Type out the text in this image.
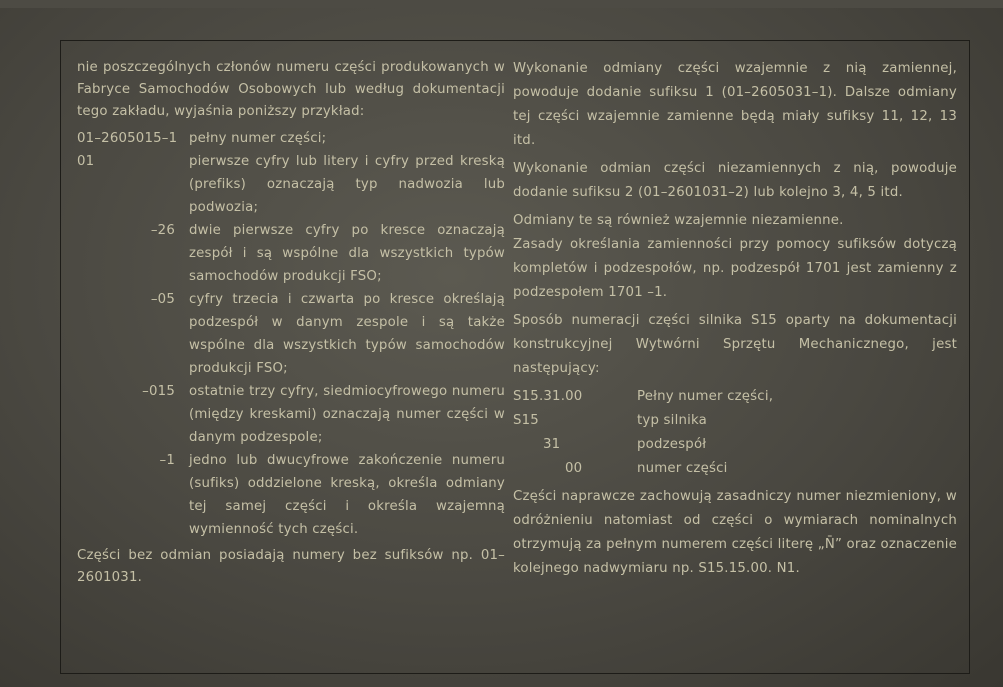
nie poszczególnych członów numeru części produkowanych w Fabryce Samochodów Osobowych lub według dokumentacji tego zakładu, wyjaśnia poniższy przykład:

01–2605015–1 pełny numer części;
01	pierwsze cyfry lub litery i cyfry przed kreską (prefiks) oznaczają typ nadwozia lub podwozia;
–26	dwie pierwsze cyfry po kresce oznaczają zespół i są wspólne dla wszystkich typów samochodów produkcji FSO;
–05	cyfry trzecia i czwarta po kresce określają podzespół w danym zespole i są także wspólne dla wszystkich typów samochodów produkcji FSO;
–015	ostatnie trzy cyfry, siedmiocyfrowego numeru (między kreskami) oznaczają numer części w danym podzespole;
–1	jedno lub dwucyfrowe zakończenie numeru (sufiks) oddzielone kreską, określa odmiany tej samej części i określa wzajemną wymienność tych części.

Części bez odmian posiadają numery bez sufiksów np. 01–2601031.

Wykonanie odmiany części wzajemnie z nią zamiennej, powoduje dodanie sufiksu 1 (01–2605031–1). Dalsze odmiany tej części wzajemnie zamienne będą miały sufiksy 11, 12, 13 itd.

Wykonanie odmian części niezamiennych z nią, powoduje dodanie sufiksu 2 (01–2601031–2) lub kolejno 3, 4, 5 itd.

Odmiany te są również wzajemnie niezamienne.

Zasady określania zamienności przy pomocy sufiksów dotyczą kompletów i podzespołów, np. podzespół 1701 jest zamienny z podzespołem 1701 –1.

Sposób numeracji części silnika S15 oparty na dokumentacji konstrukcyjnej Wytwórni Sprzętu Mechanicznego, jest następujący:

S15.31.00	Pełny numer części,
S15	typ silnika
31	podzespół
00	numer części

Części naprawcze zachowują zasadniczy numer niezmieniony, w odróżnieniu natomiast od części o wymiarach nominalnych otrzymują za pełnym numerem części literę „N̄” oraz oznaczenie kolejnego nadwymiaru np. S15.15.00. N1.
